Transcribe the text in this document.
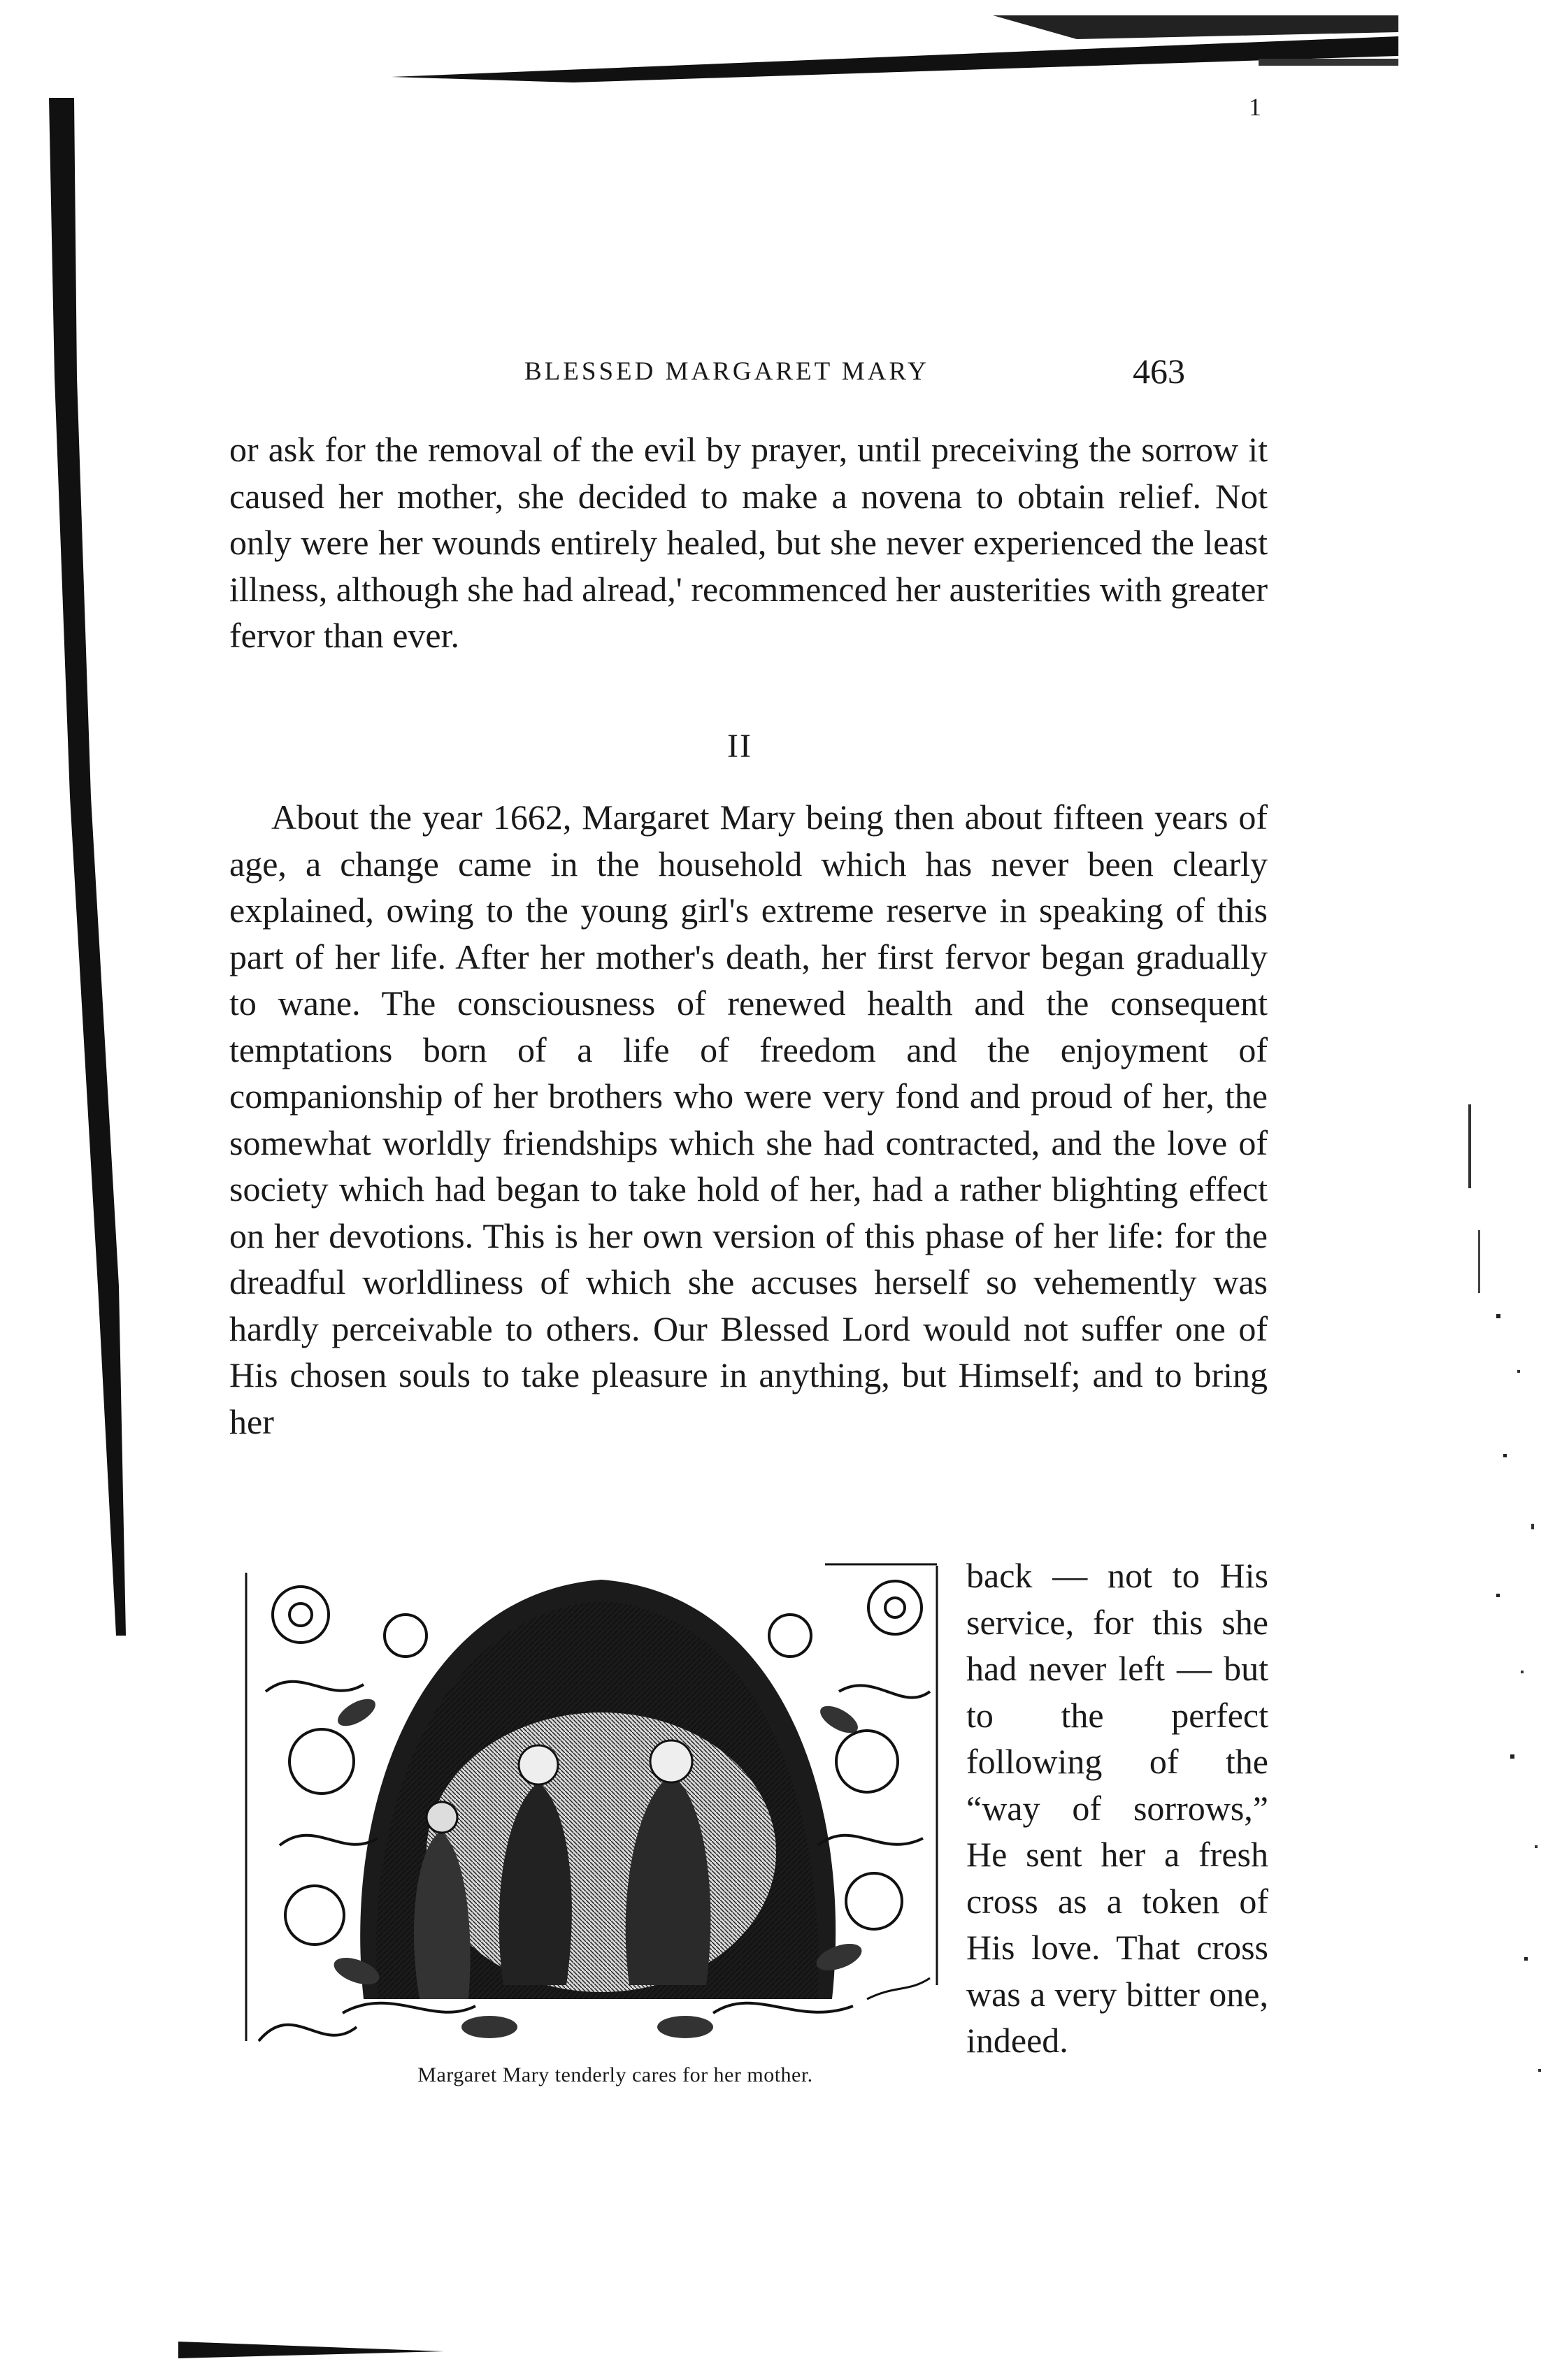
1
BLESSED MARGARET MARY	463

or ask for the removal of the evil by prayer, until preceiving the sorrow it caused her mother, she decided to make a novena to obtain relief. Not only were her wounds entirely healed, but she never experienced the least illness, although she had alread,' recommenced her austerities with greater fervor than ever.

II

About the year 1662, Margaret Mary being then about fifteen years of age, a change came in the household which has never been clearly explained, owing to the young girl's extreme reserve in speaking of this part of her life. After her mother's death, her first fervor began gradually to wane. The consciousness of renewed health and the consequent temptations born of a life of freedom and the enjoyment of companionship of her brothers who were very fond and proud of her, the somewhat worldly friendships which she had contracted, and the love of society which had began to take hold of her, had a rather blighting effect on her devotions. This is her own version of this phase of her life: for the dreadful worldliness of which she accuses herself so vehemently was hardly perceivable to others. Our Blessed Lord would not suffer one of His chosen souls to take pleasure in anything, but Himself; and to bring her

back — not to His service, for this she had never left — but to the perfect following of the “way of sorrows,” He sent her a fresh cross as a token of His love. That cross was a very bitter one, indeed.

Margaret Mary tenderly cares for her mother.
